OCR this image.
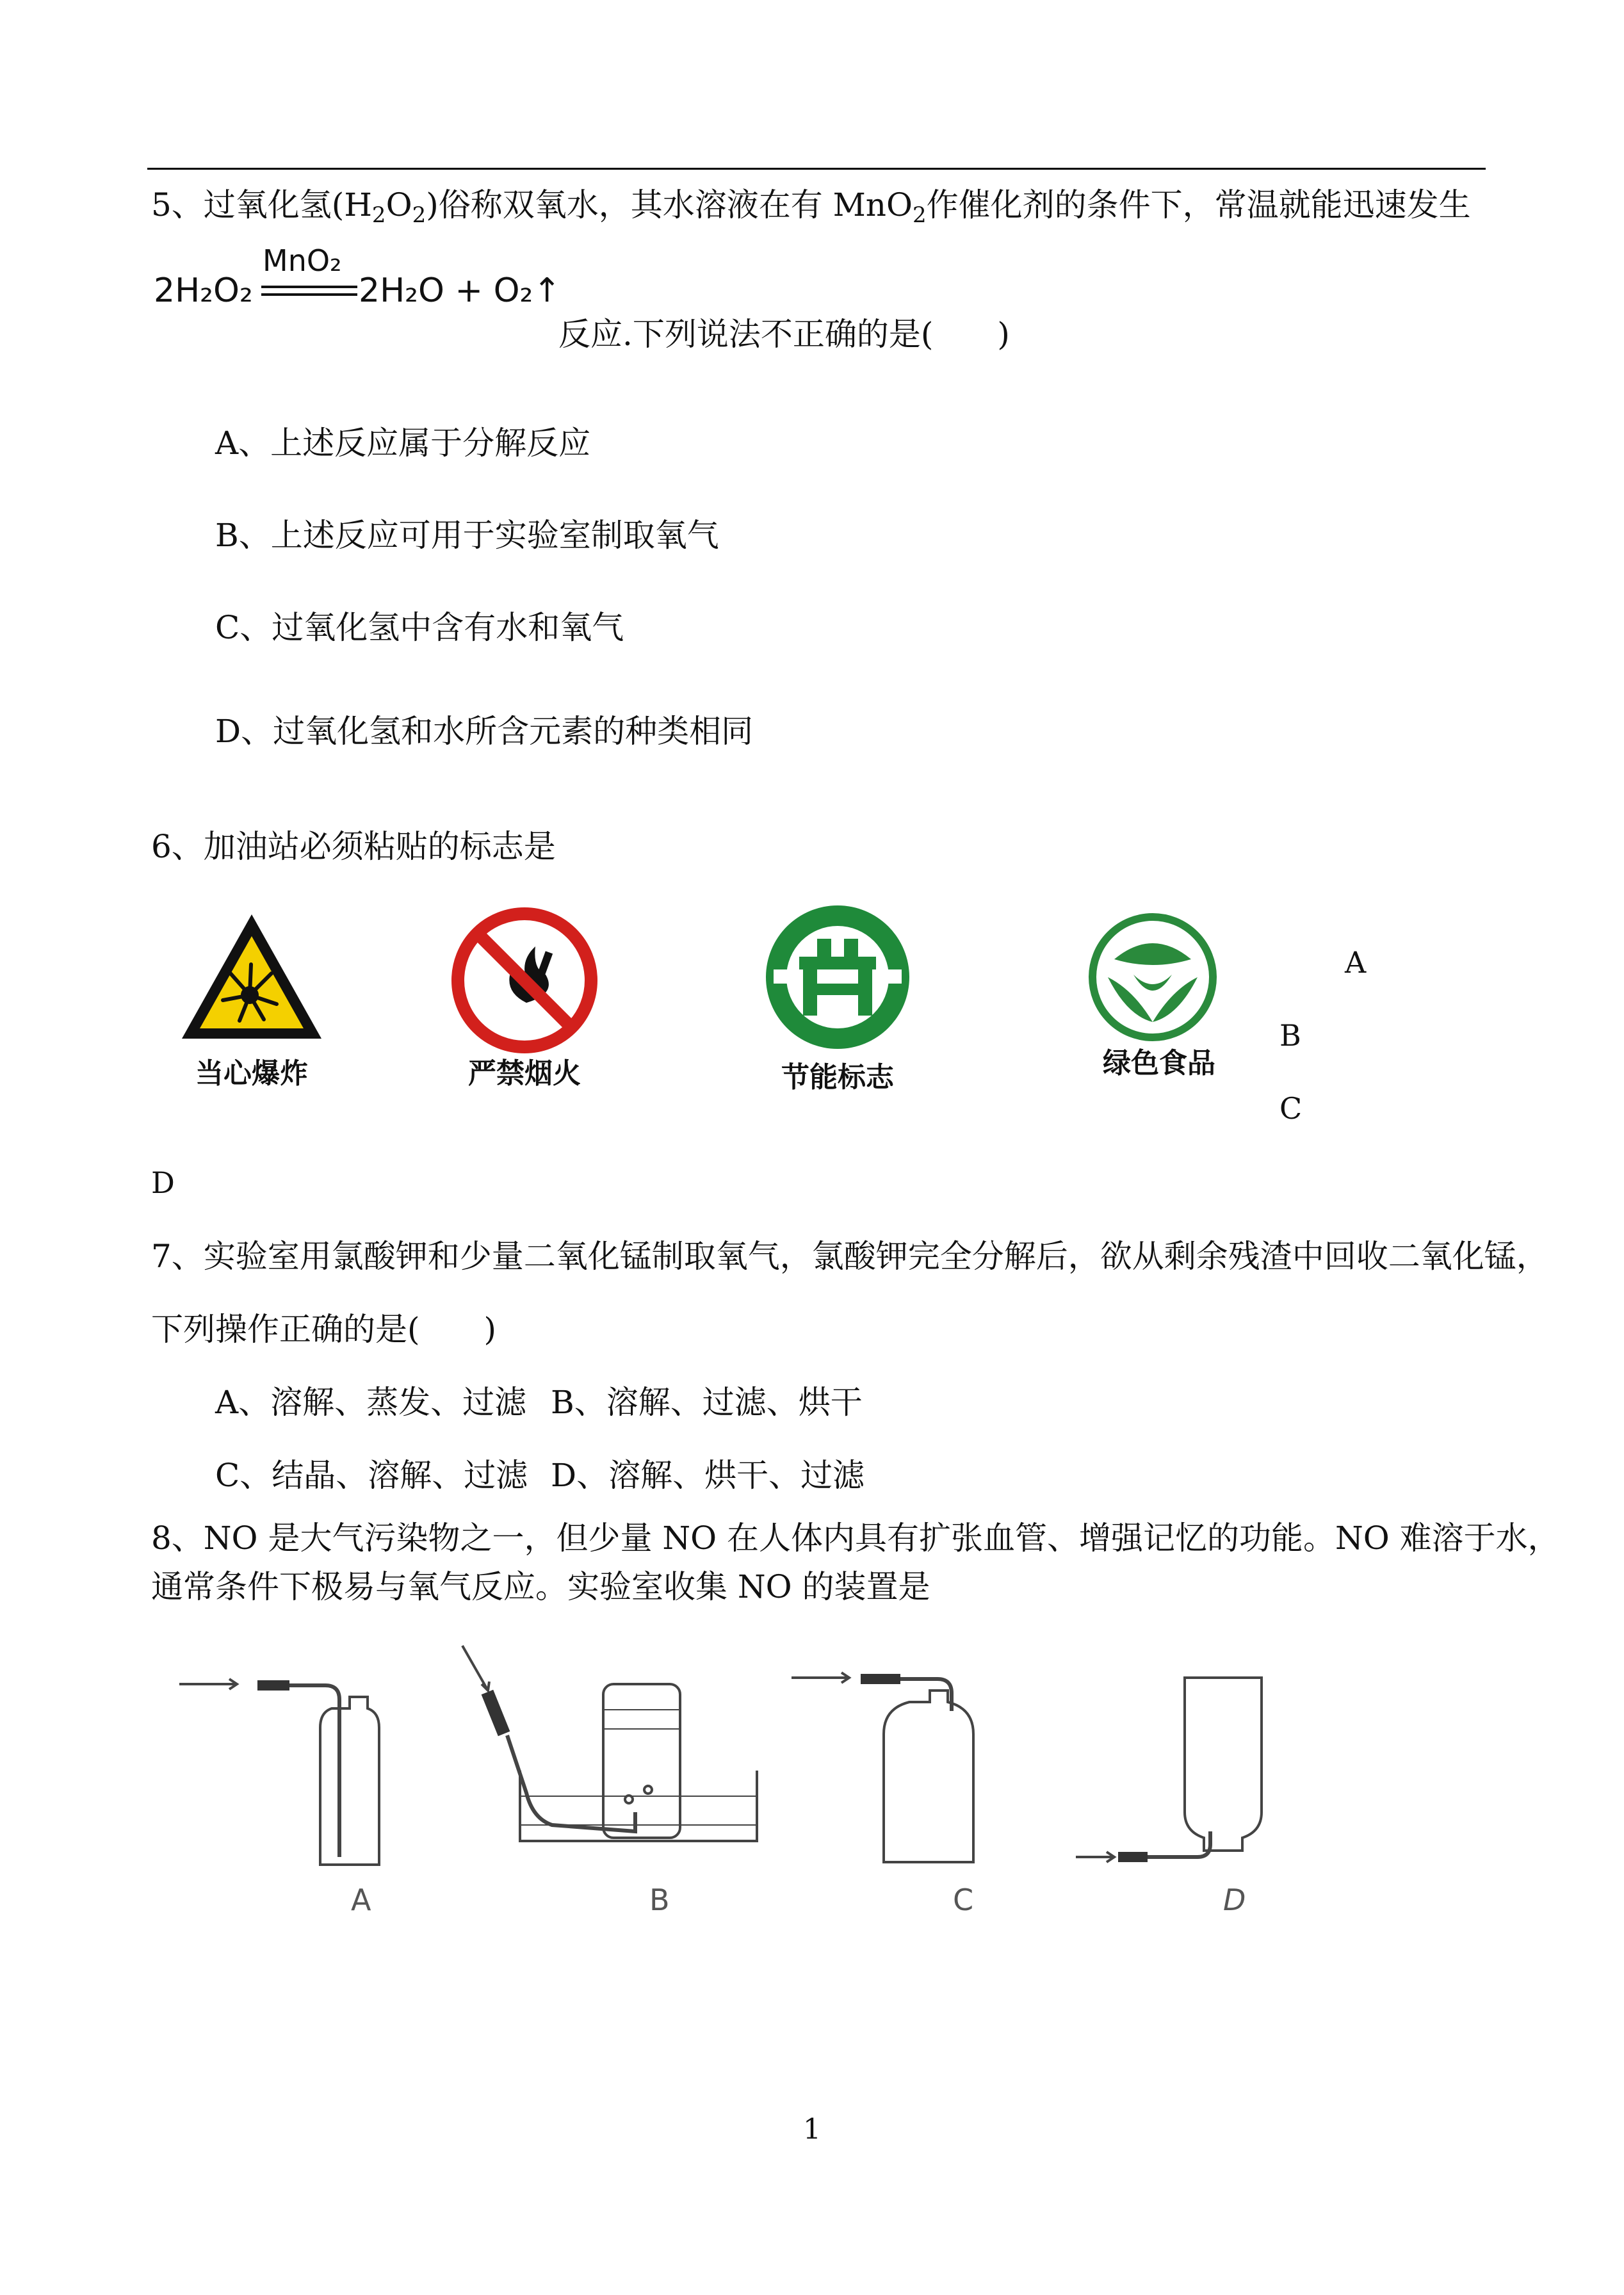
5、过氧化氢$(H_2O_2)$俗称双氧水，其水溶液在有 MnO$_2$作催化剂的条件下，常温就能迅速发生
2H₂O₂
MnO₂
2H₂O + O₂↑
反应.下列说法不正确的是(　　)
A、上述反应属于分解反应
B、上述反应可用于实验室制取氧气
C、过氧化氢中含有水和氧气
D、过氧化氢和水所含元素的种类相同
6、加油站必须粘贴的标志是
当心爆炸	严禁烟火	节能标志	绿色食品
A
B
C
D
7、实验室用氯酸钾和少量二氧化锰制取氧气，氯酸钾完全分解后，欲从剩余残渣中回收二氧化锰，
下列操作正确的是(　　)
A、溶解、蒸发、过滤 B、溶解、过滤、烘干
C、结晶、溶解、过滤 D、溶解、烘干、过滤
8、NO 是大气污染物之一，但少量 NO 在人体内具有扩张血管、增强记忆的功能。NO 难溶于水，
通常条件下极易与氧气反应。实验室收集 NO 的装置是
A	B	C	D
1
